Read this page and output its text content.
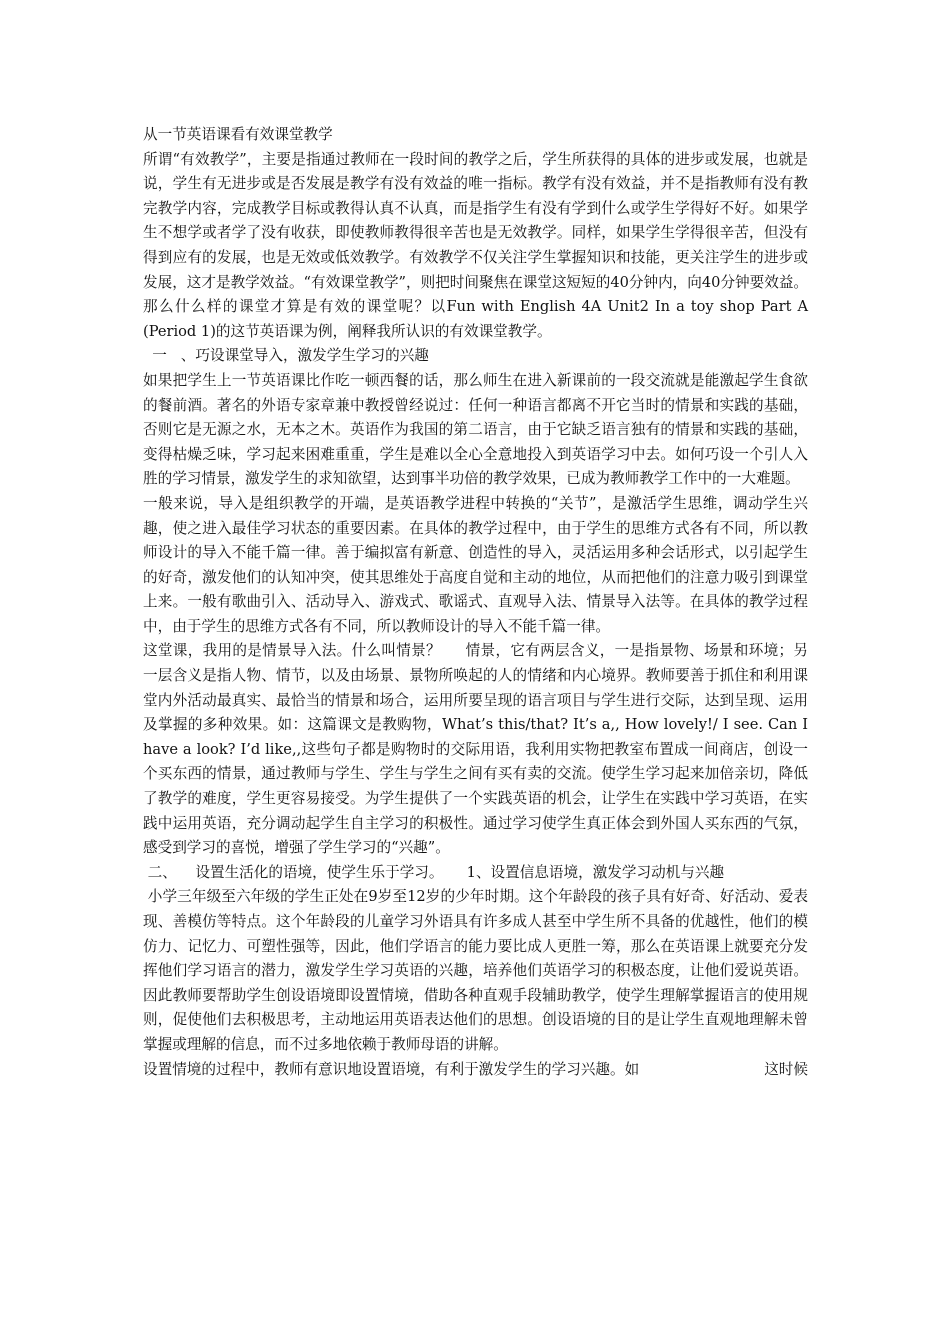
从一节英语课看有效课堂教学

所谓“有效教学”，主要是指通过教师在一段时间的教学之后，学生所获得的具体的进步或发展，也就是说，学生有无进步或是否发展是教学有没有效益的唯一指标。教学有没有效益，并不是指教师有没有教完教学内容，完成教学目标或教得认真不认真，而是指学生有没有学到什么或学生学得好不好。如果学生不想学或者学了没有收获，即使教师教得很辛苦也是无效教学。同样，如果学生学得很辛苦，但没有得到应有的发展，也是无效或低效教学。有效教学不仅关注学生掌握知识和技能，更关注学生的进步或发展，这才是教学效益。“有效课堂教学”，则把时间聚焦在课堂这短短的40分钟内，向40分钟要效益。

那么什么样的课堂才算是有效的课堂呢？以Fun with English 4A Unit2 In a toy shop Part A (Period 1)的这节英语课为例，阐释我所认识的有效课堂教学。

一   、巧设课堂导入，激发学生学习的兴趣

如果把学生上一节英语课比作吃一顿西餐的话，那么师生在进入新课前的一段交流就是能激起学生食欲的餐前酒。著名的外语专家章兼中教授曾经说过：任何一种语言都离不开它当时的情景和实践的基础，否则它是无源之水，无本之木。英语作为我国的第二语言，由于它缺乏语言独有的情景和实践的基础，变得枯燥乏味，学习起来困难重重，学生是难以全心全意地投入到英语学习中去。如何巧设一个引人入胜的学习情景，激发学生的求知欲望，达到事半功倍的教学效果，已成为教师教学工作中的一大难题。

一般来说，导入是组织教学的开端，是英语教学进程中转换的“关节”，是激活学生思维，调动学生兴趣，使之进入最佳学习状态的重要因素。在具体的教学过程中，由于学生的思维方式各有不同，所以教师设计的导入不能千篇一律。善于编拟富有新意、创造性的导入，灵活运用多种会话形式，以引起学生的好奇，激发他们的认知冲突，使其思维处于高度自觉和主动的地位，从而把他们的注意力吸引到课堂上来。一般有歌曲引入、活动导入、游戏式、歌谣式、直观导入法、情景导入法等。在具体的教学过程中，由于学生的思维方式各有不同，所以教师设计的导入不能千篇一律。

这堂课，我用的是情景导入法。什么叫情景？     情景，它有两层含义，一是指景物、场景和环境；另一层含义是指人物、情节，以及由场景、景物所唤起的人的情绪和内心境界。教师要善于抓住和利用课堂内外活动最真实、最恰当的情景和场合，运用所要呈现的语言项目与学生进行交际，达到呈现、运用及掌握的多种效果。如：这篇课文是教购物，What’s this/that? It’s a,, How lovely!/ I see. Can I have a look? I’d like,,这些句子都是购物时的交际用语，我利用实物把教室布置成一间商店，创设一个买东西的情景，通过教师与学生、学生与学生之间有买有卖的交流。使学生学习起来加倍亲切，降低了教学的难度，学生更容易接受。为学生提供了一个实践英语的机会，让学生在实践中学习英语，在实践中运用英语，充分调动起学生自主学习的积极性。通过学习使学生真正体会到外国人买东西的气氛，感受到学习的喜悦，增强了学生学习的“兴趣”。

二、    设置生活化的语境，使学生乐于学习。     1、设置信息语境，激发学习动机与兴趣

小学三年级至六年级的学生正处在9岁至12岁的少年时期。这个年龄段的孩子具有好奇、好活动、爱表现、善模仿等特点。这个年龄段的儿童学习外语具有许多成人甚至中学生所不具备的优越性，他们的模仿力、记忆力、可塑性强等，因此，他们学语言的能力要比成人更胜一筹，那么在英语课上就要充分发挥他们学习语言的潜力，激发学生学习英语的兴趣，培养他们英语学习的积极态度，让他们爱说英语。因此教师要帮助学生创设语境即设置情境，借助各种直观手段辅助教学，使学生理解掌握语言的使用规则，促使他们去积极思考，主动地运用英语表达他们的思想。创设语境的目的是让学生直观地理解未曾掌握或理解的信息，而不过多地依赖于教师母语的讲解。

设置情境的过程中，教师有意识地设置语境，有利于激发学生的学习兴趣。如	这时候
